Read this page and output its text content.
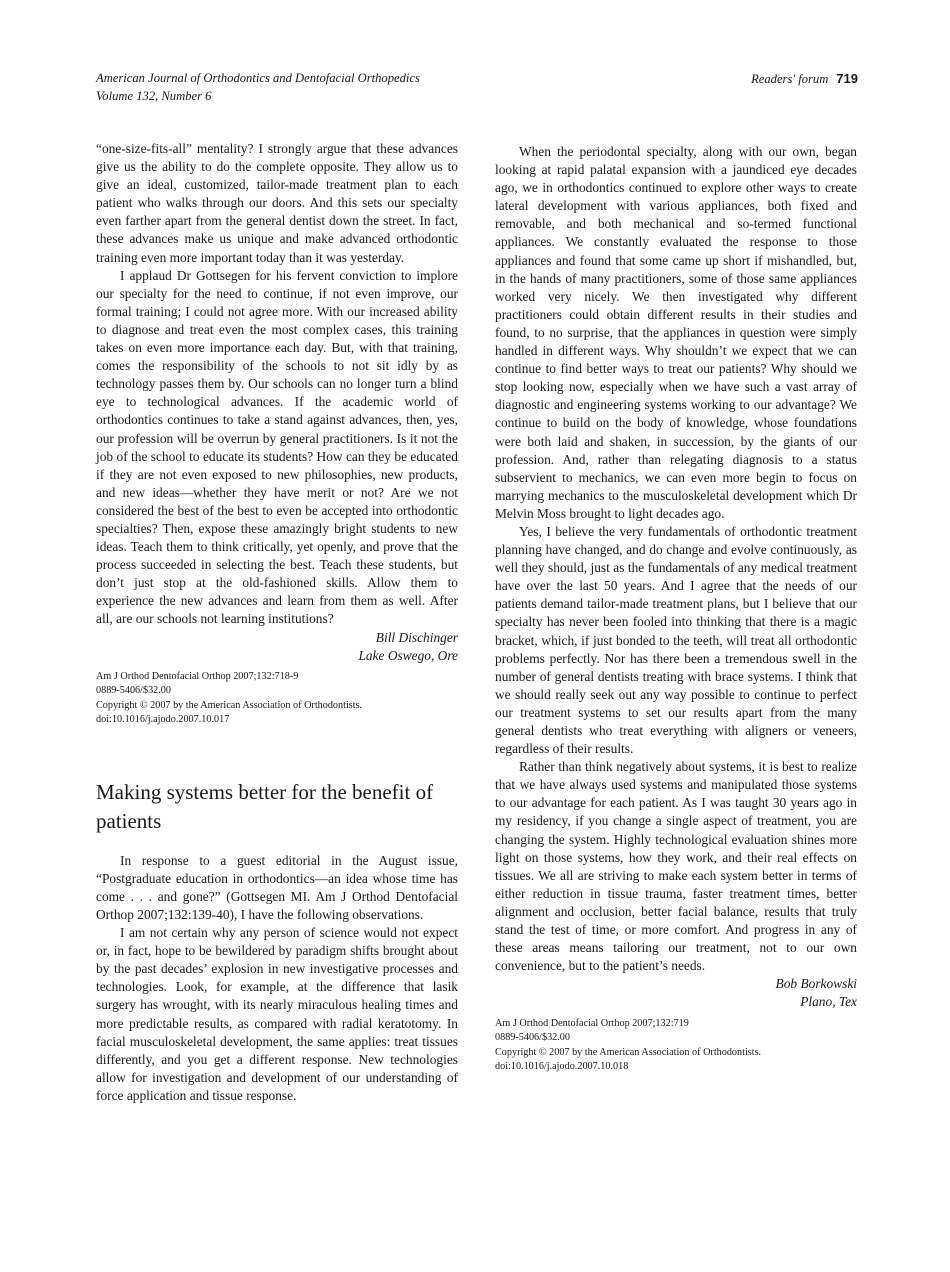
American Journal of Orthodontics and Dentofacial Orthopedics
Volume 132, Number 6
Readers' forum 719

“one-size-fits-all” mentality? I strongly argue that these advances give us the ability to do the complete opposite. They allow us to give an ideal, customized, tailor-made treatment plan to each patient who walks through our doors. And this sets our specialty even farther apart from the general dentist down the street. In fact, these advances make us unique and make advanced orthodontic training even more important today than it was yesterday.

I applaud Dr Gottsegen for his fervent conviction to implore our specialty for the need to continue, if not even improve, our formal training; I could not agree more. With our increased ability to diagnose and treat even the most complex cases, this training takes on even more importance each day. But, with that training, comes the responsibility of the schools to not sit idly by as technology passes them by. Our schools can no longer turn a blind eye to technological advances. If the academic world of orthodontics continues to take a stand against advances, then, yes, our profession will be overrun by general practitioners. Is it not the job of the school to educate its students? How can they be educated if they are not even exposed to new philosophies, new products, and new ideas—whether they have merit or not? Are we not considered the best of the best to even be accepted into orthodontic specialties? Then, expose these amazingly bright students to new ideas. Teach them to think critically, yet openly, and prove that the process succeeded in selecting the best. Teach these students, but don’t just stop at the old-fashioned skills. Allow them to experience the new advances and learn from them as well. After all, are our schools not learning institutions?

Bill Dischinger
Lake Oswego, Ore
Am J Orthod Dentofacial Orthop 2007;132:718-9
0889-5406/$32.00
Copyright © 2007 by the American Association of Orthodontists.
doi:10.1016/j.ajodo.2007.10.017
Making systems better for the benefit of patients

In response to a guest editorial in the August issue, “Postgraduate education in orthodontics—an idea whose time has come . . . and gone?” (Gottsegen MI. Am J Orthod Dentofacial Orthop 2007;132:139-40), I have the following observations.

I am not certain why any person of science would not expect or, in fact, hope to be bewildered by paradigm shifts brought about by the past decades’ explosion in new investigative processes and technologies. Look, for example, at the difference that lasik surgery has wrought, with its nearly miraculous healing times and more predictable results, as compared with radial keratotomy. In facial musculoskeletal development, the same applies: treat tissues differently, and you get a different response. New technologies allow for investigation and development of our understanding of force application and tissue response.

When the periodontal specialty, along with our own, began looking at rapid palatal expansion with a jaundiced eye decades ago, we in orthodontics continued to explore other ways to create lateral development with various appliances, both fixed and removable, and both mechanical and so-termed functional appliances. We constantly evaluated the response to those appliances and found that some came up short if mishandled, but, in the hands of many practitioners, some of those same appliances worked very nicely. We then investigated why different practitioners could obtain different results in their studies and found, to no surprise, that the appliances in question were simply handled in different ways. Why shouldn’t we expect that we can continue to find better ways to treat our patients? Why should we stop looking now, especially when we have such a vast array of diagnostic and engineering systems working to our advantage? We continue to build on the body of knowledge, whose foundations were both laid and shaken, in succession, by the giants of our profession. And, rather than relegating diagnosis to a status subservient to mechanics, we can even more begin to focus on marrying mechanics to the musculoskeletal development which Dr Melvin Moss brought to light decades ago.

Yes, I believe the very fundamentals of orthodontic treatment planning have changed, and do change and evolve continuously, as well they should, just as the fundamentals of any medical treatment have over the last 50 years. And I agree that the needs of our patients demand tailor-made treatment plans, but I believe that our specialty has never been fooled into thinking that there is a magic bracket, which, if just bonded to the teeth, will treat all orthodontic problems perfectly. Nor has there been a tremendous swell in the number of general dentists treating with brace systems. I think that we should really seek out any way possible to continue to perfect our treatment systems to set our results apart from the many general dentists who treat everything with aligners or veneers, regardless of their results.

Rather than think negatively about systems, it is best to realize that we have always used systems and manipulated those systems to our advantage for each patient. As I was taught 30 years ago in my residency, if you change a single aspect of treatment, you are changing the system. Highly technological evaluation shines more light on those systems, how they work, and their real effects on tissues. We all are striving to make each system better in terms of either reduction in tissue trauma, faster treatment times, better alignment and occlusion, better facial balance, results that truly stand the test of time, or more comfort. And progress in any of these areas means tailoring our treatment, not to our own convenience, but to the patient’s needs.

Bob Borkowski
Plano, Tex
Am J Orthod Dentofacial Orthop 2007;132:719
0889-5406/$32.00
Copyright © 2007 by the American Association of Orthodontists.
doi:10.1016/j.ajodo.2007.10.018
